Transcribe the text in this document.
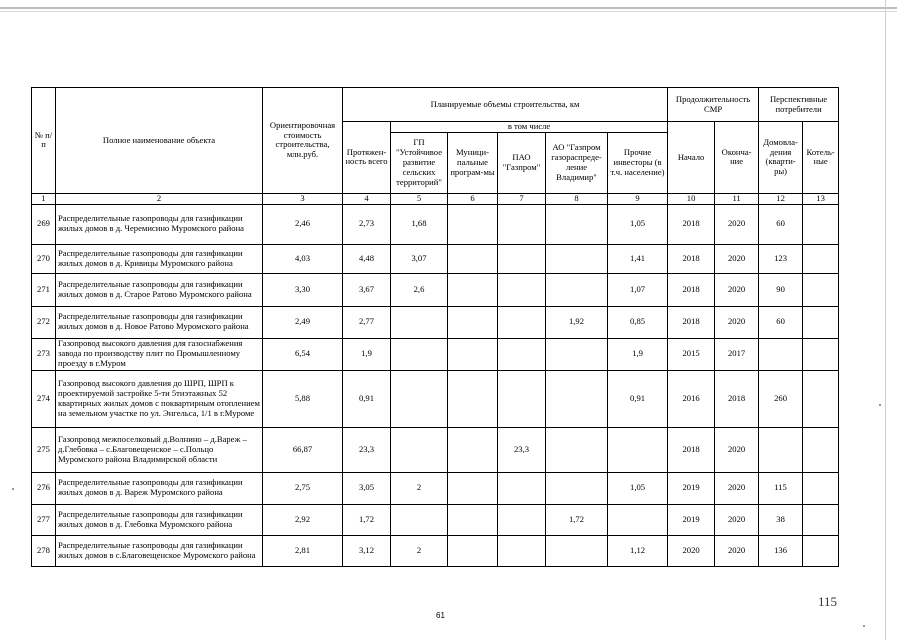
№ п/п	Полное наименование объекта	Ориентировочная стоимость строительства, млн.руб.	Планируемые объемы строительства, км						Продолжительность СМР		Перспективные потребители	
			Протяжен-ность всего	в том числе					Начало	Оконча-ние	Домовла-дения (кварти-ры)	Котель-ные
				ГП "Устойчивое развитие сельских территорий"	Муници-пальные програм-мы	ПАО "Газпром"	АО "Газпром газораспреде-ление Владимир"	Прочие инвесторы (в т.ч. население)				
1	2	3	4	5	6	7	8	9	10	11	12	13
269	Распределительные газопроводы для газификации жилых домов в д. Черемисино Муромского района	2,46	2,73	1,68				1,05	2018	2020	60	
270	Распределительные газопроводы для газификации жилых домов в д. Кривицы Муромского района	4,03	4,48	3,07				1,41	2018	2020	123	
271	Распределительные газопроводы для газификации жилых домов в д. Старое Ратово Муромского района	3,30	3,67	2,6				1,07	2018	2020	90	
272	Распределительные газопроводы для газификации жилых домов в д. Новое Ратово Муромского района	2,49	2,77				1,92	0,85	2018	2020	60	
273	Газопровод высокого давления для газоснабжения завода по производству плит по Промышленному проезду в г.Муром	6,54	1,9					1,9	2015	2017		
274	Газопровод высокого давления до ШРП, ШРП к проектируемой застройке 5-ти 5тиэтажных 52 квартирных жилых домов с поквартирным отоплением на земельном участке по ул. Энгельса, 1/1 в г.Муроме	5,88	0,91					0,91	2016	2018	260	
275	Газопровод межпоселковый д.Волнино – д.Вареж – д.Глебовка – с.Благовещенское – с.Польцо Муромского района Владимирской области	66,87	23,3			23,3			2018	2020		
276	Распределительные газопроводы для газификации жилых домов в д. Вареж Муромского района	2,75	3,05	2				1,05	2019	2020	115	
277	Распределительные газопроводы для газификации жилых домов в д. Глебовка Муромского района	2,92	1,72				1,72		2019	2020	38	
278	Распределительные газопроводы для газификации жилых домов в с.Благовещенское Муромского района	2,81	3,12	2				1,12	2020	2020	136	
61
115
